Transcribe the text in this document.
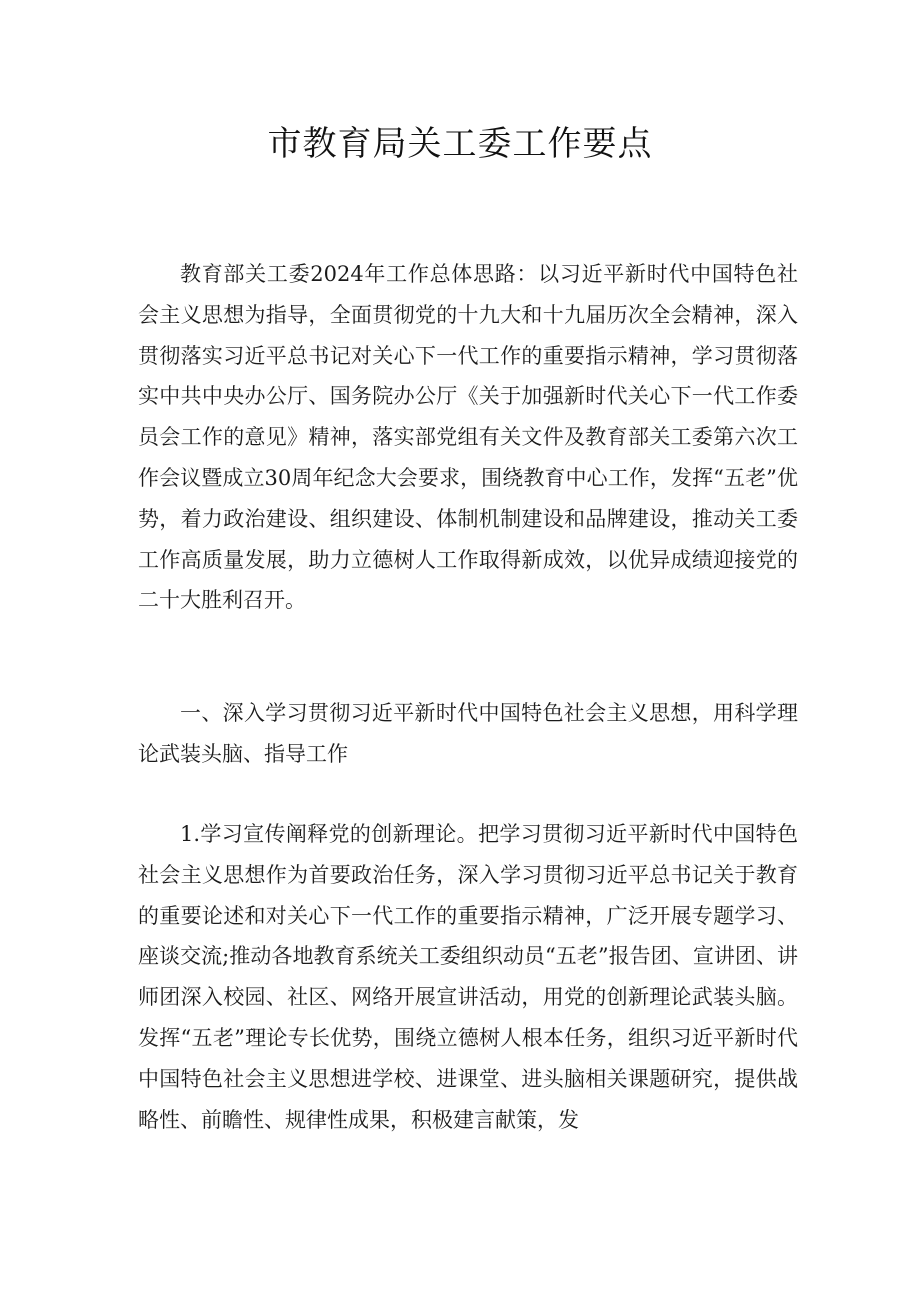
市教育局关工委工作要点

教育部关工委2024年工作总体思路：以习近平新时代中国特色社会主义思想为指导，全面贯彻党的十九大和十九届历次全会精神，深入贯彻落实习近平总书记对关心下一代工作的重要指示精神，学习贯彻落实中共中央办公厅、国务院办公厅《关于加强新时代关心下一代工作委员会工作的意见》精神，落实部党组有关文件及教育部关工委第六次工作会议暨成立30周年纪念大会要求，围绕教育中心工作，发挥“五老”优势，着力政治建设、组织建设、体制机制建设和品牌建设，推动关工委工作高质量发展，助力立德树人工作取得新成效，以优异成绩迎接党的二十大胜利召开。

一、深入学习贯彻习近平新时代中国特色社会主义思想，用科学理论武装头脑、指导工作

1.学习宣传阐释党的创新理论。把学习贯彻习近平新时代中国特色社会主义思想作为首要政治任务，深入学习贯彻习近平总书记关于教育的重要论述和对关心下一代工作的重要指示精神，广泛开展专题学习、座谈交流;推动各地教育系统关工委组织动员“五老”报告团、宣讲团、讲师团深入校园、社区、网络开展宣讲活动，用党的创新理论武装头脑。发挥“五老”理论专长优势，围绕立德树人根本任务，组织习近平新时代中国特色社会主义思想进学校、进课堂、进头脑相关课题研究，提供战略性、前瞻性、规律性成果，积极建言献策，发
